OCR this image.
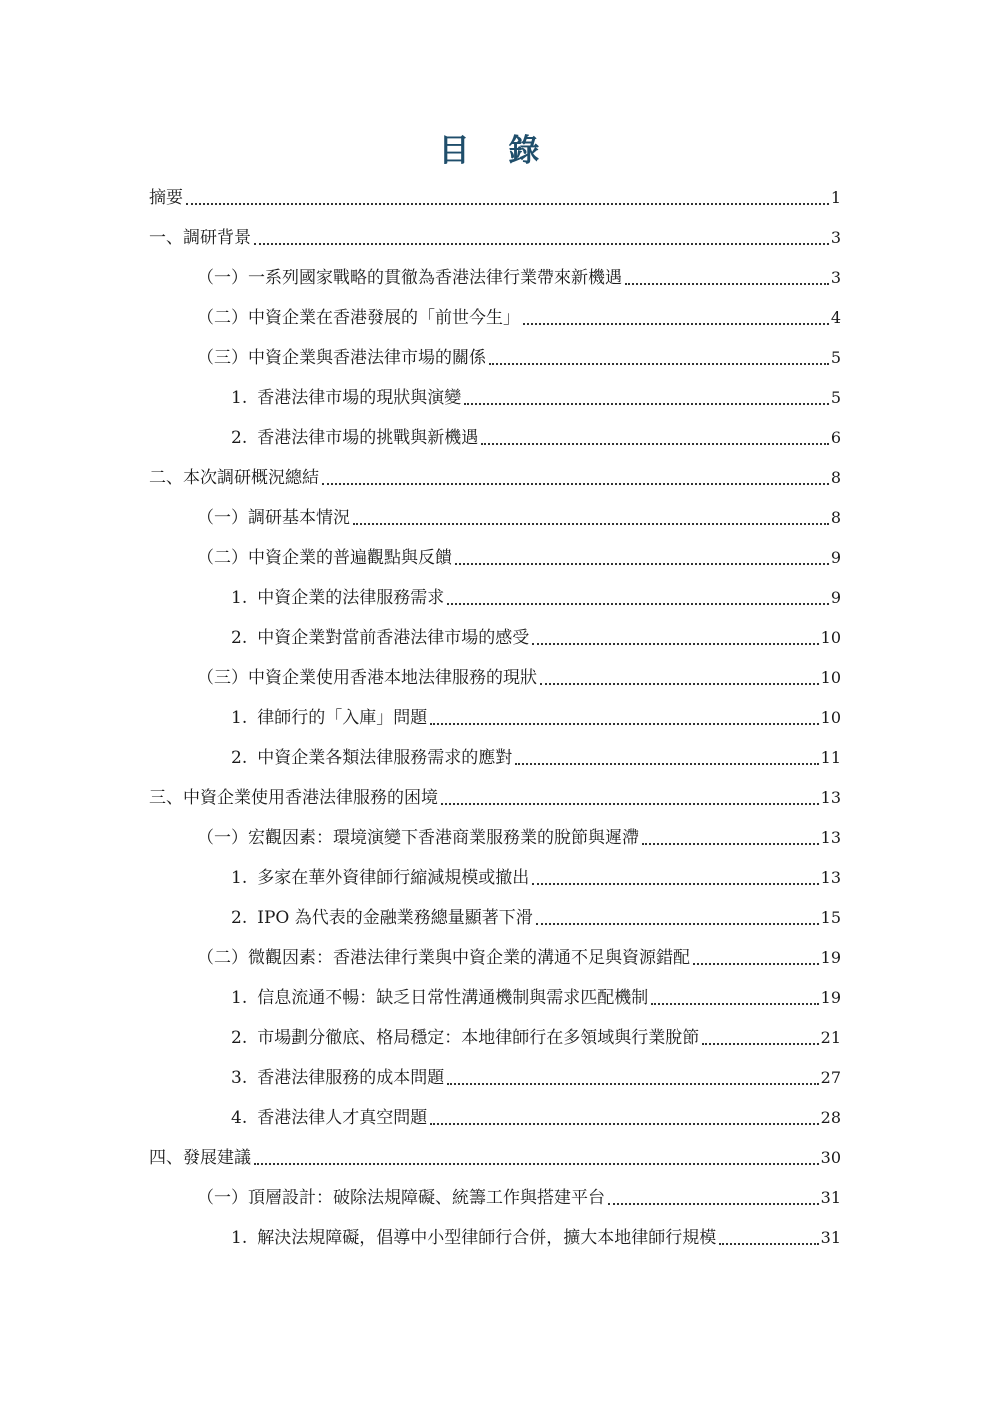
目 錄
摘要	1
一、調研背景	3
（一）一系列國家戰略的貫徹為香港法律行業帶來新機遇	3
（二）中資企業在香港發展的「前世今生」	4
（三）中資企業與香港法律市場的關係	5
1. 香港法律市場的現狀與演變	5
2. 香港法律市場的挑戰與新機遇	6
二、本次調研概況總結	8
（一）調研基本情況	8
（二）中資企業的普遍觀點與反饋	9
1. 中資企業的法律服務需求	9
2. 中資企業對當前香港法律市場的感受	10
（三）中資企業使用香港本地法律服務的現狀	10
1. 律師行的「入庫」問題	10
2. 中資企業各類法律服務需求的應對	11
三、中資企業使用香港法律服務的困境	13
（一）宏觀因素：環境演變下香港商業服務業的脫節與遲滯	13
1. 多家在華外資律師行縮減規模或撤出	13
2. IPO 為代表的金融業務總量顯著下滑	15
（二）微觀因素：香港法律行業與中資企業的溝通不足與資源錯配	19
1. 信息流通不暢：缺乏日常性溝通機制與需求匹配機制	19
2. 市場劃分徹底、格局穩定：本地律師行在多領域與行業脫節	21
3. 香港法律服務的成本問題	27
4. 香港法律人才真空問題	28
四、發展建議	30
（一）頂層設計：破除法規障礙、統籌工作與搭建平台	31
1. 解決法規障礙，倡導中小型律師行合併，擴大本地律師行規模	31
